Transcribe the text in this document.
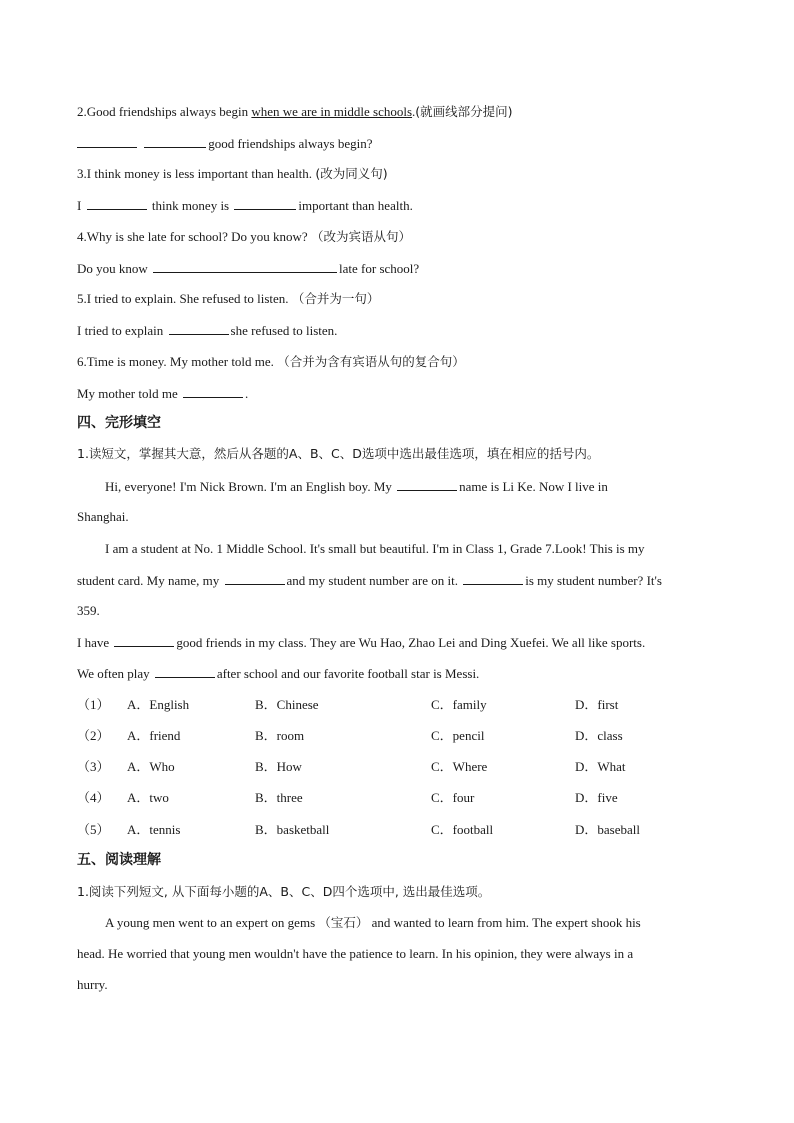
2.Good friendships always begin when we are in middle schools.(就画线部分提问)
good friendships always begin?
3.I think money is less important than health. (改为同义句)
I	think money is	important than health.
4.Why is she late for school? Do you know? （改为宾语从句）
Do you know	late for school?
5.I tried to explain. She refused to listen. （合并为一句）
I tried to explain	she refused to listen.
6.Time is money. My mother told me. （合并为含有宾语从句的复合句）
My mother told me	.
四、完形填空
1.读短文，掌握其大意，然后从各题的A、B、C、D选项中选出最佳选项，填在相应的括号内。
Hi, everyone! I'm Nick Brown. I'm an English boy. My	name is Li Ke. Now I live in
Shanghai.
I am a student at No. 1 Middle School. It's small but beautiful. I'm in Class 1, Grade 7.Look! This is my
student card. My name, my	and my student number are on it.	is my student number? It's
359.
I have	good friends in my class. They are Wu Hao, Zhao Lei and Ding Xuefei. We all like sports.
We often play	after school and our favorite football star is Messi.
（1） A．English	B．Chinese	C．family	D．first
（2） A．friend	B．room	C．pencil	D．class
（3） A．Who	B．How	C．Where	D．What
（4） A．two	B．three	C．four	D．five
（5） A．tennis	B．basketball	C．football	D．baseball
五、阅读理解
1.阅读下列短文, 从下面每小题的A、B、C、D四个选项中, 选出最佳选项。
A young men went to an expert on gems （宝石） and wanted to learn from him. The expert shook his
head. He worried that young men wouldn't have the patience to learn. In his opinion, they were always in a
hurry.
